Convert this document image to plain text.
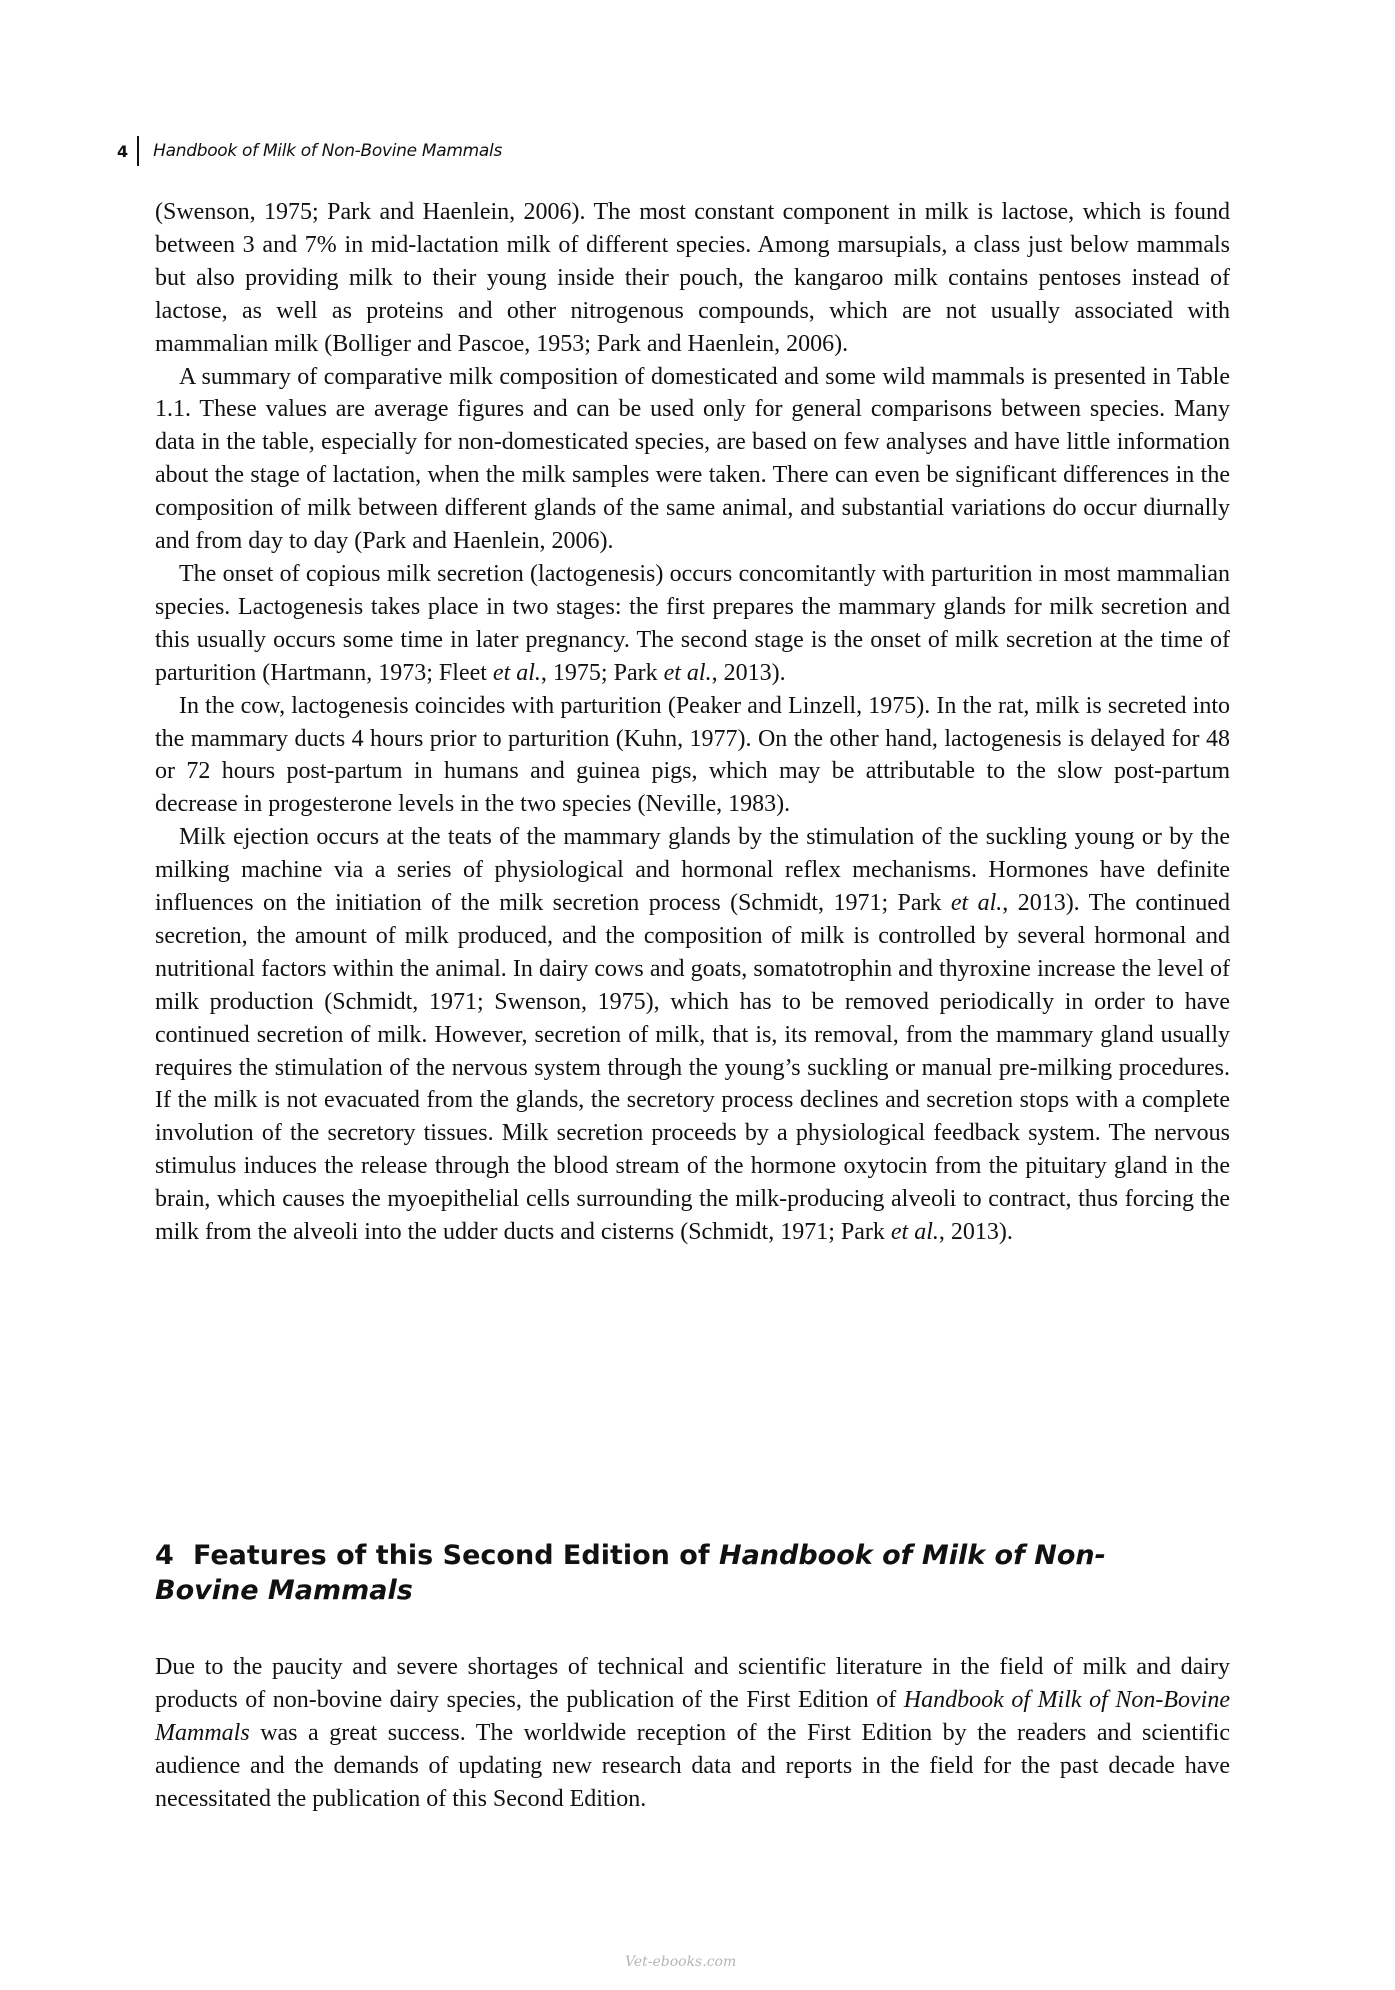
4	Handbook of Milk of Non-Bovine Mammals

(Swenson, 1975; Park and Haenlein, 2006). The most constant component in milk is lactose, which is found between 3 and 7% in mid-lactation milk of different species. Among marsupials, a class just below mammals but also providing milk to their young inside their pouch, the kangaroo milk contains pentoses instead of lactose, as well as proteins and other nitrogenous compounds, which are not usually associated with mammalian milk (Bolliger and Pascoe, 1953; Park and Haenlein, 2006).

A summary of comparative milk composition of domesticated and some wild mammals is presented in Table 1.1. These values are average figures and can be used only for general comparisons between species. Many data in the table, especially for non-domesticated species, are based on few analyses and have little information about the stage of lactation, when the milk samples were taken. There can even be significant differences in the composition of milk between different glands of the same animal, and substantial variations do occur diurnally and from day to day (Park and Haenlein, 2006).

The onset of copious milk secretion (lactogenesis) occurs concomitantly with parturition in most mammalian species. Lactogenesis takes place in two stages: the first prepares the mammary glands for milk secretion and this usually occurs some time in later pregnancy. The second stage is the onset of milk secretion at the time of parturition (Hartmann, 1973; Fleet et al., 1975; Park et al., 2013).

In the cow, lactogenesis coincides with parturition (Peaker and Linzell, 1975). In the rat, milk is secreted into the mammary ducts 4 hours prior to parturition (Kuhn, 1977). On the other hand, lactogenesis is delayed for 48 or 72 hours post-partum in humans and guinea pigs, which may be attributable to the slow post-partum decrease in progesterone levels in the two species (Neville, 1983).

Milk ejection occurs at the teats of the mammary glands by the stimulation of the suckling young or by the milking machine via a series of physiological and hormonal reflex mechanisms. Hormones have definite influences on the initiation of the milk secretion process (Schmidt, 1971; Park et al., 2013). The continued secretion, the amount of milk produced, and the composition of milk is controlled by several hormonal and nutritional factors within the animal. In dairy cows and goats, somatotrophin and thyroxine increase the level of milk production (Schmidt, 1971; Swenson, 1975), which has to be removed periodically in order to have continued secretion of milk. However, secretion of milk, that is, its removal, from the mammary gland usually requires the stimulation of the nervous system through the young’s suckling or manual pre-milking procedures. If the milk is not evacuated from the glands, the secretory process declines and secretion stops with a complete involution of the secretory tissues. Milk secretion proceeds by a physiological feedback system. The nervous stimulus induces the release through the blood stream of the hormone oxytocin from the pituitary gland in the brain, which causes the myoepithelial cells surrounding the milk-producing alveoli to contract, thus forcing the milk from the alveoli into the udder ducts and cisterns (Schmidt, 1971; Park et al., 2013).

4 Features of this Second Edition of Handbook of Milk of Non-Bovine Mammals

Due to the paucity and severe shortages of technical and scientific literature in the field of milk and dairy products of non-bovine dairy species, the publication of the First Edition of Handbook of Milk of Non-Bovine Mammals was a great success. The worldwide reception of the First Edition by the readers and scientific audience and the demands of updating new research data and reports in the field for the past decade have necessitated the publication of this Second Edition.

Vet-ebooks.com
